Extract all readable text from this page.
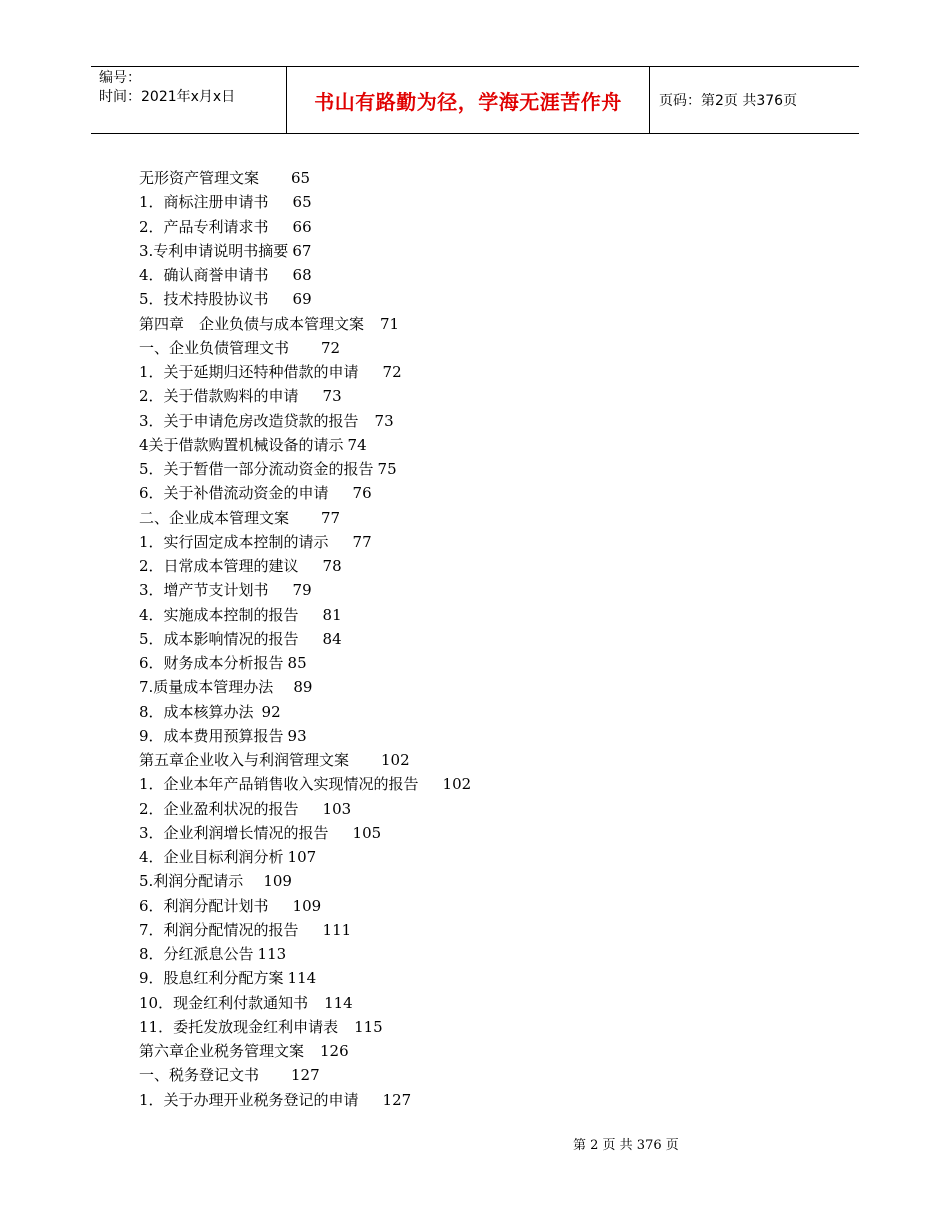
编号：
时间：2021年x月x日	书山有路勤为径，学海无涯苦作舟	页码：第2页 共376页
无形资产管理文案 65
1．商标注册申请书 65
2．产品专利请求书 66
3.专利申请说明书摘要 67
4．确认商誉申请书 68
5．技术持股协议书 69
第四章　企业负债与成本管理文案 71
一、企业负债管理文书 72
1．关于延期归还特种借款的申请 72
2．关于借款购料的申请 73
3．关于申请危房改造贷款的报告 73
4关于借款购置机械设备的请示 74
5．关于暂借一部分流动资金的报告 75
6．关于补借流动资金的申请 76
二、企业成本管理文案 77
1．实行固定成本控制的请示 77
2．日常成本管理的建议 78
3．增产节支计划书 79
4．实施成本控制的报告 81
5．成本影响情况的报告 84
6．财务成本分析报告 85
7.质量成本管理办法 89
8．成本核算办法 92
9．成本费用预算报告 93
第五章企业收入与利润管理文案 102
1．企业本年产品销售收入实现情况的报告 102
2．企业盈利状况的报告 103
3．企业利润增长情况的报告 105
4．企业目标利润分析 107
5.利润分配请示 109
6．利润分配计划书 109
7．利润分配情况的报告 111
8．分红派息公告 113
9．股息红利分配方案 114
10．现金红利付款通知书 114
11．委托发放现金红利申请表 115
第六章企业税务管理文案 126
一、税务登记文书 127
1．关于办理开业税务登记的申请 127
第 2 页 共 376 页
